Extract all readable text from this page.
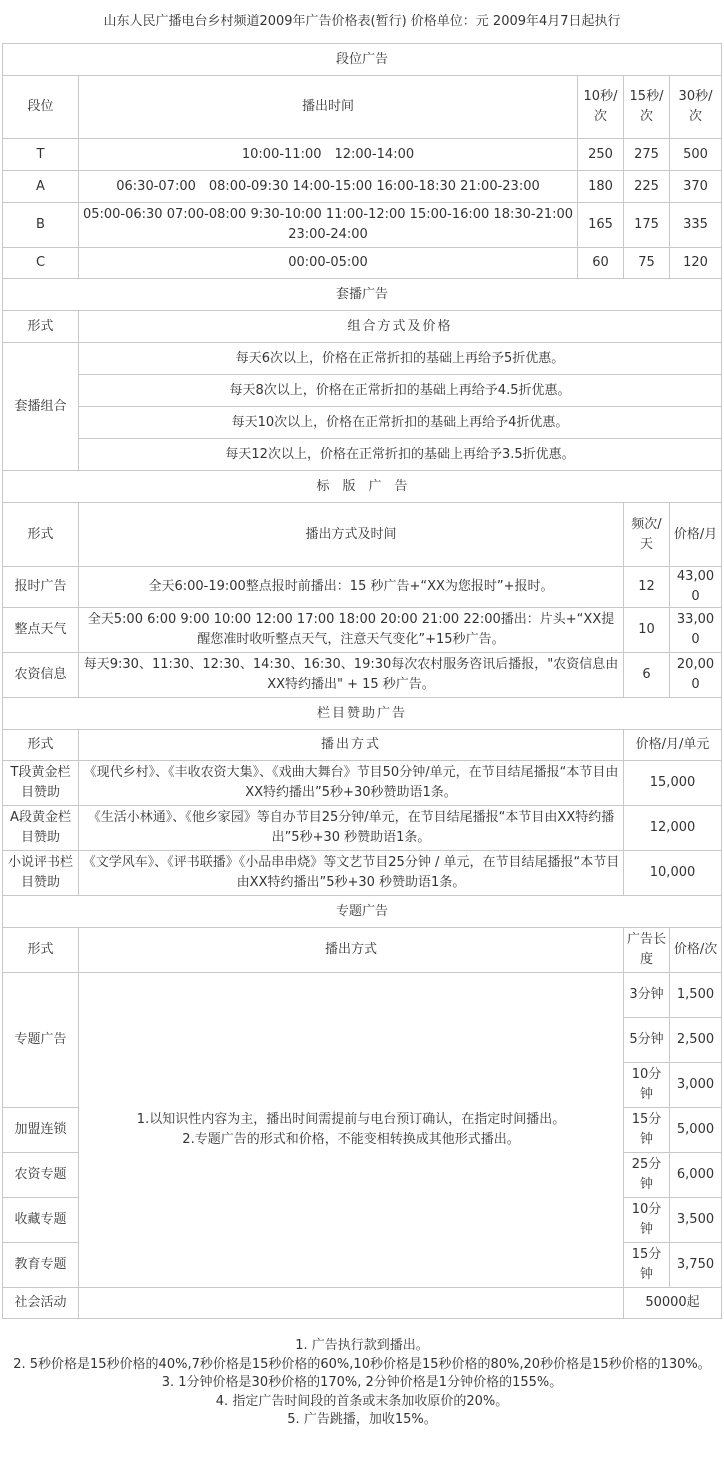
山东人民广播电台乡村频道2009年广告价格表(暂行) 价格单位：元 2009年4月7日起执行
段位广告				
段位	播出时间	10秒/次	15秒/次	30秒/次
T	10:00-11:00　12:00-14:00	250	275	500
A	06:30-07:00　08:00-09:30 14:00-15:00 16:00-18:30 21:00-23:00	180	225	370
B	05:00-06:30 07:00-08:00 9:30-10:00 11:00-12:00 15:00-16:00 18:30-21:00 23:00-24:00	165	175	335
C	00:00-05:00	60	75	120
套播广告				
形式	组合方式及价格			
套播组合	每天6次以上，价格在正常折扣的基础上再给予5折优惠。			
	每天8次以上，价格在正常折扣的基础上再给予4.5折优惠。			
	每天10次以上，价格在正常折扣的基础上再给予4折优惠。			
	每天12次以上，价格在正常折扣的基础上再给予3.5折优惠。			
标　版　广　告				
形式	播出方式及时间		频次/天	价格/月
报时广告	全天6:00-19:00整点报时前播出：15 秒广告+“XX为您报时”+报时。		12	43,000
整点天气	全天5:00 6:00 9:00 10:00 12:00 17:00 18:00 20:00 21:00 22:00播出：片头+“XX提醒您准时收听整点天气，注意天气变化”+15秒广告。		10	33,000
农资信息	每天9:30、11:30、12:30、14:30、16:30、19:30每次农村服务咨讯后播报，"农资信息由XX特约播出" + 15 秒广告。		6	20,000
栏目赞助广告				
形式	播出方式		价格/月/单元	
T段黄金栏目赞助	《现代乡村》、《丰收农资大集》、《戏曲大舞台》节目50分钟/单元，在节目结尾播报“本节目由XX特约播出”5秒+30秒赞助语1条。		15,000	
A段黄金栏目赞助	《生活小林通》、《他乡家园》等自办节目25分钟/单元，在节目结尾播报“本节目由XX特约播出”5秒+30 秒赞助语1条。		12,000	
小说评书栏目赞助	《文学风车》、《评书联播》《小品串串烧》等文艺节目25分钟 / 单元，在节目结尾播报“本节目由XX特约播出”5秒+30 秒赞助语1条。		10,000	
专题广告				
形式	播出方式		广告长度	价格/次
专题广告	1.以知识性内容为主，播出时间需提前与电台预订确认，在指定时间播出。
2.专题广告的形式和价格，不能变相转换成其他形式播出。		3分钟	1,500
			5分钟	2,500
			10分钟	3,000
加盟连锁			15分钟	5,000
农资专题			25分钟	6,000
收藏专题			10分钟	3,500
教育专题			15分钟	3,750
社会活动			50000起	
1. 广告执行款到播出。
2. 5秒价格是15秒价格的40%,7秒价格是15秒价格的60%,10秒价格是15秒价格的80%,20秒价格是15秒价格的130%。
3. 1分钟价格是30秒价格的170%, 2分钟价格是1分钟价格的155%。
4. 指定广告时间段的首条或末条加收原价的20%。
5. 广告跳播，加收15%。
